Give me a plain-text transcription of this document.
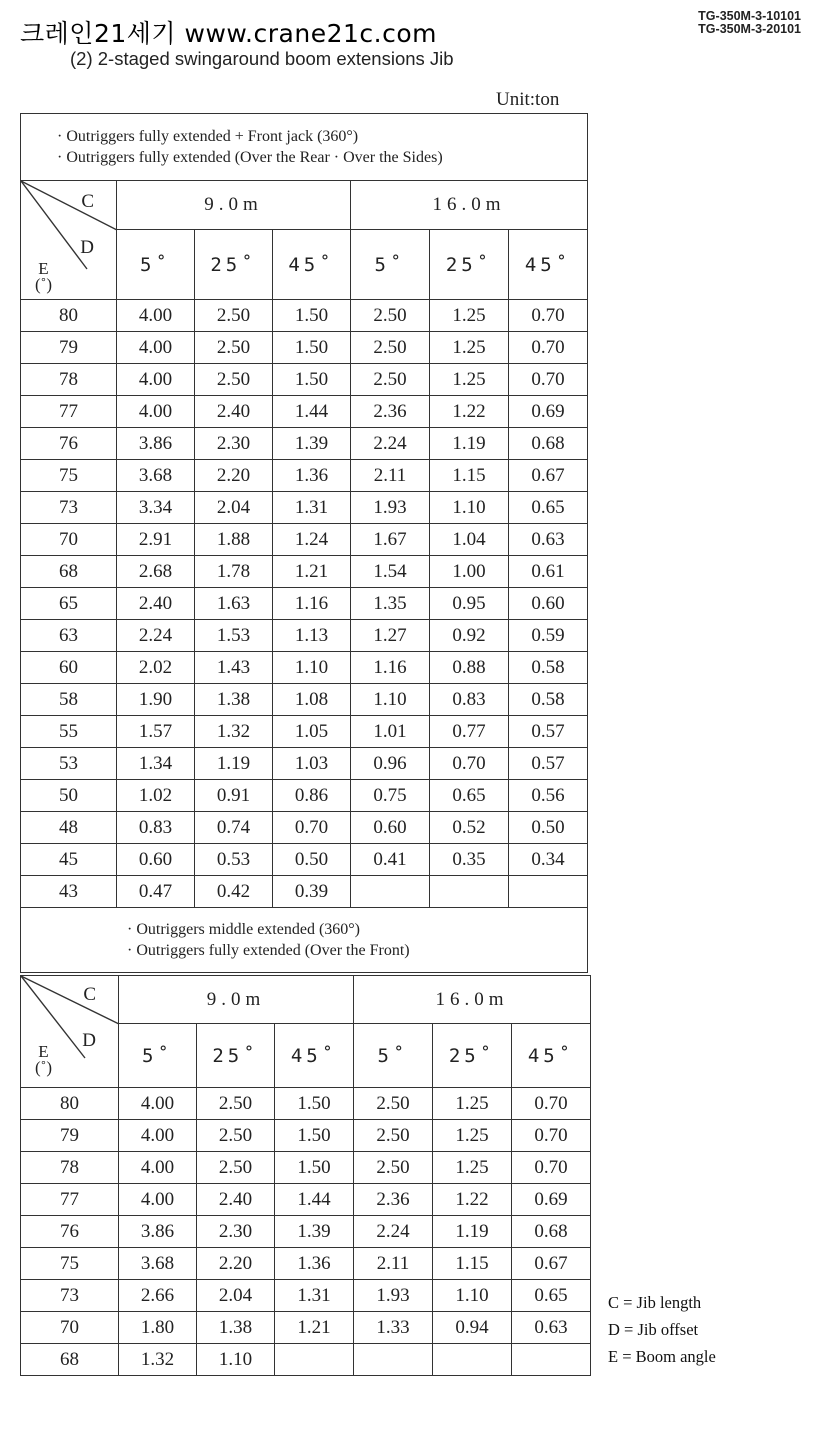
크레인21세기 www.crane21c.com
TG-350M-3-10101
TG-350M-3-20101
(2) 2-staged swingaround boom extensions Jib
Unit:ton
· Outriggers fully extended + Front jack (360°)
· Outriggers fully extended (Over the Rear · Over the Sides)						

C
D
E
(˚)	9.0m			16.0m		
	5˚	25˚	45˚	5˚	25˚	45˚
80	4.00	2.50	1.50	2.50	1.25	0.70
79	4.00	2.50	1.50	2.50	1.25	0.70
78	4.00	2.50	1.50	2.50	1.25	0.70
77	4.00	2.40	1.44	2.36	1.22	0.69
76	3.86	2.30	1.39	2.24	1.19	0.68
75	3.68	2.20	1.36	2.11	1.15	0.67
73	3.34	2.04	1.31	1.93	1.10	0.65
70	2.91	1.88	1.24	1.67	1.04	0.63
68	2.68	1.78	1.21	1.54	1.00	0.61
65	2.40	1.63	1.16	1.35	0.95	0.60
63	2.24	1.53	1.13	1.27	0.92	0.59
60	2.02	1.43	1.10	1.16	0.88	0.58
58	1.90	1.38	1.08	1.10	0.83	0.58
55	1.57	1.32	1.05	1.01	0.77	0.57
53	1.34	1.19	1.03	0.96	0.70	0.57
50	1.02	0.91	0.86	0.75	0.65	0.56
48	0.83	0.74	0.70	0.60	0.52	0.50
45	0.60	0.53	0.50	0.41	0.35	0.34
43	0.47	0.42	0.39			

· Outriggers middle extended (360°)
· Outriggers fully extended (Over the Front)						
C
D
E
(˚)	9.0m			16.0m		
	5˚	25˚	45˚	5˚	25˚	45˚
80	4.00	2.50	1.50	2.50	1.25	0.70
79	4.00	2.50	1.50	2.50	1.25	0.70
78	4.00	2.50	1.50	2.50	1.25	0.70
77	4.00	2.40	1.44	2.36	1.22	0.69
76	3.86	2.30	1.39	2.24	1.19	0.68
75	3.68	2.20	1.36	2.11	1.15	0.67
73	2.66	2.04	1.31	1.93	1.10	0.65
70	1.80	1.38	1.21	1.33	0.94	0.63
68	1.32	1.10				
C = Jib length
D = Jib offset
E = Boom angle
